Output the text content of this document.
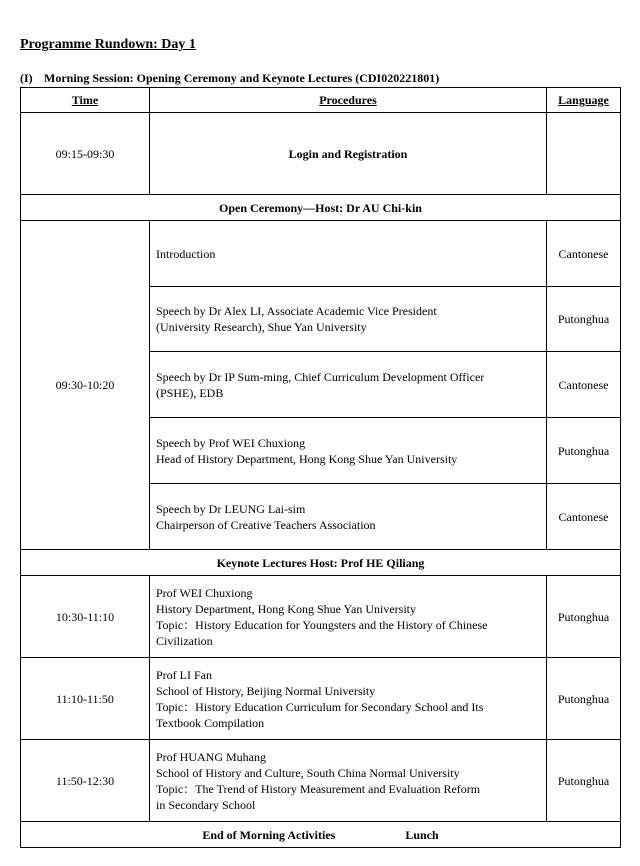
Programme Rundown: Day 1
(I) Morning Session: Opening Ceremony and Keynote Lectures (CDI020221801)
Time	Procedures	Language
09:15-09:30	Login and Registration	
Open Ceremony—Host: Dr AU Chi-kin		
09:30-10:20	Introduction	Cantonese

	Speech by Dr Alex LI, Associate Academic Vice President
(University Research), Shue Yan University	Putonghua

	Speech by Dr IP Sum-ming, Chief Curriculum Development Officer
(PSHE), EDB	Cantonese

	Speech by Prof WEI Chuxiong
Head of History Department, Hong Kong Shue Yan University	Putonghua

	Speech by Dr LEUNG Lai-sim
Chairperson of Creative Teachers Association	Cantonese
Keynote Lectures Host: Prof HE Qiliang		
10:30-11:10	Prof WEI Chuxiong
History Department, Hong Kong Shue Yan University
Topic：History Education for Youngsters and the History of Chinese
Civilization	Putonghua
11:10-11:50	Prof LI Fan
School of History, Beijing Normal University
Topic：History Education Curriculum for Secondary School and Its
Textbook Compilation	Putonghua
11:50-12:30	Prof HUANG Muhang
School of History and Culture, South China Normal University
Topic：The Trend of History Measurement and Evaluation Reform
in Secondary School	Putonghua
End of Morning Activities Lunch		
